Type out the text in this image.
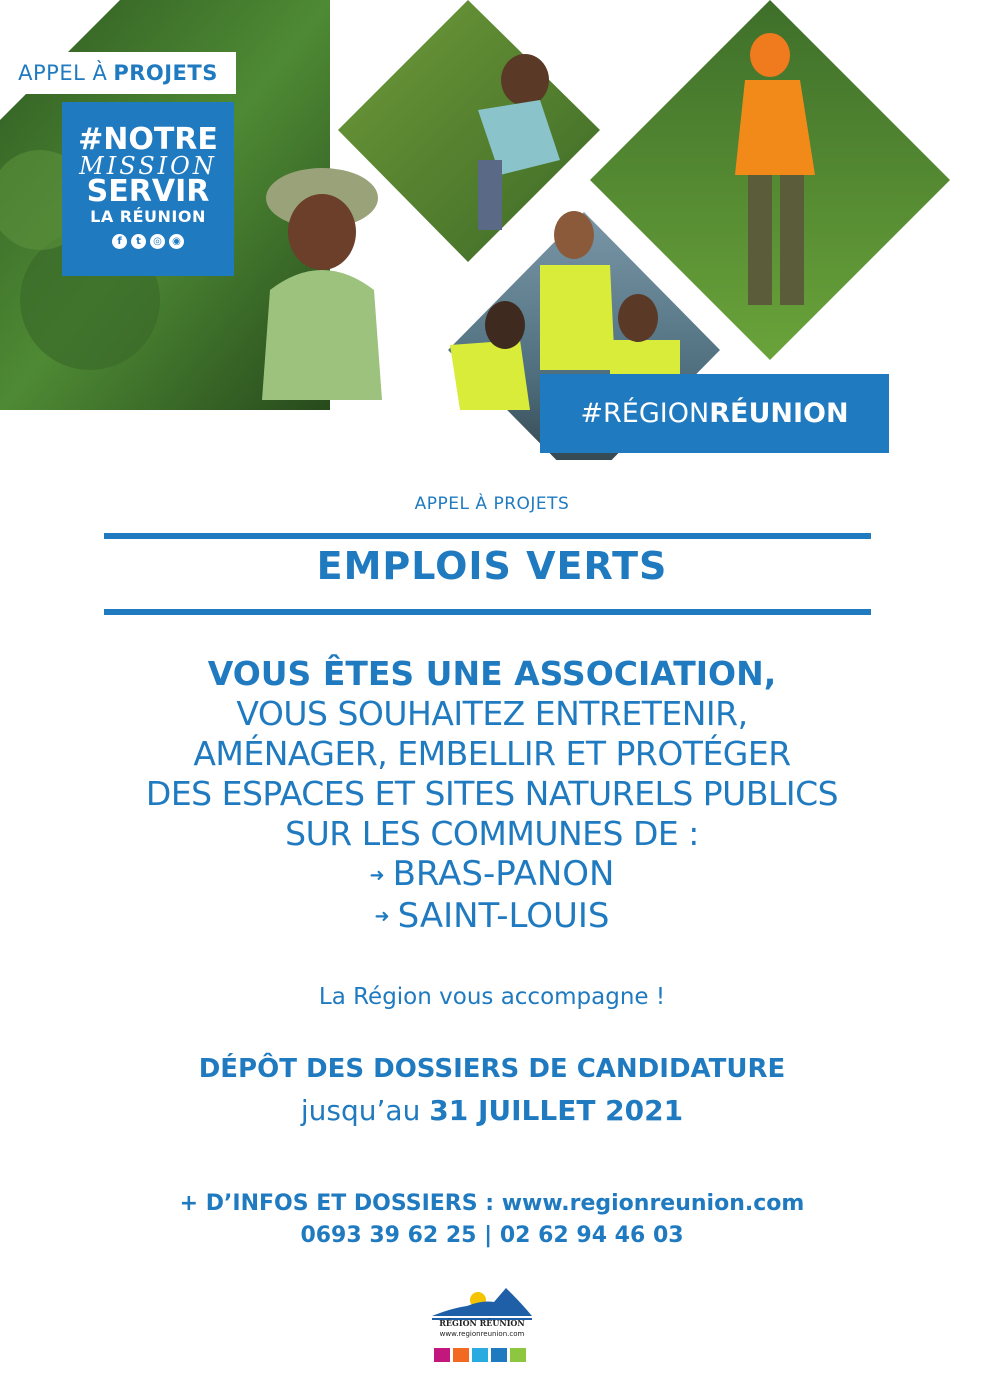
APPEL À PROJETS
#NOTRE
MISSION
SERVIR
LA RÉUNION
f	t	◎	◉
#RÉGION RÉUNION
APPEL À PROJETS
EMPLOIS VERTS
VOUS ÊTES UNE ASSOCIATION,
VOUS SOUHAITEZ ENTRETENIR,
AMÉNAGER, EMBELLIR ET PROTÉGER
DES ESPACES ET SITES NATURELS PUBLICS
SUR LES COMMUNES DE :
➜ BRAS-PANON
➜ SAINT-LOUIS
La Région vous accompagne !
DÉPÔT DES DOSSIERS DE CANDIDATURE
jusqu’au 31 JUILLET 2021
+ D’INFOS ET DOSSIERS : www.regionreunion.com
0693 39 62 25 | 02 62 94 46 03
RÉGION RÉUNION
www.regionreunion.com
